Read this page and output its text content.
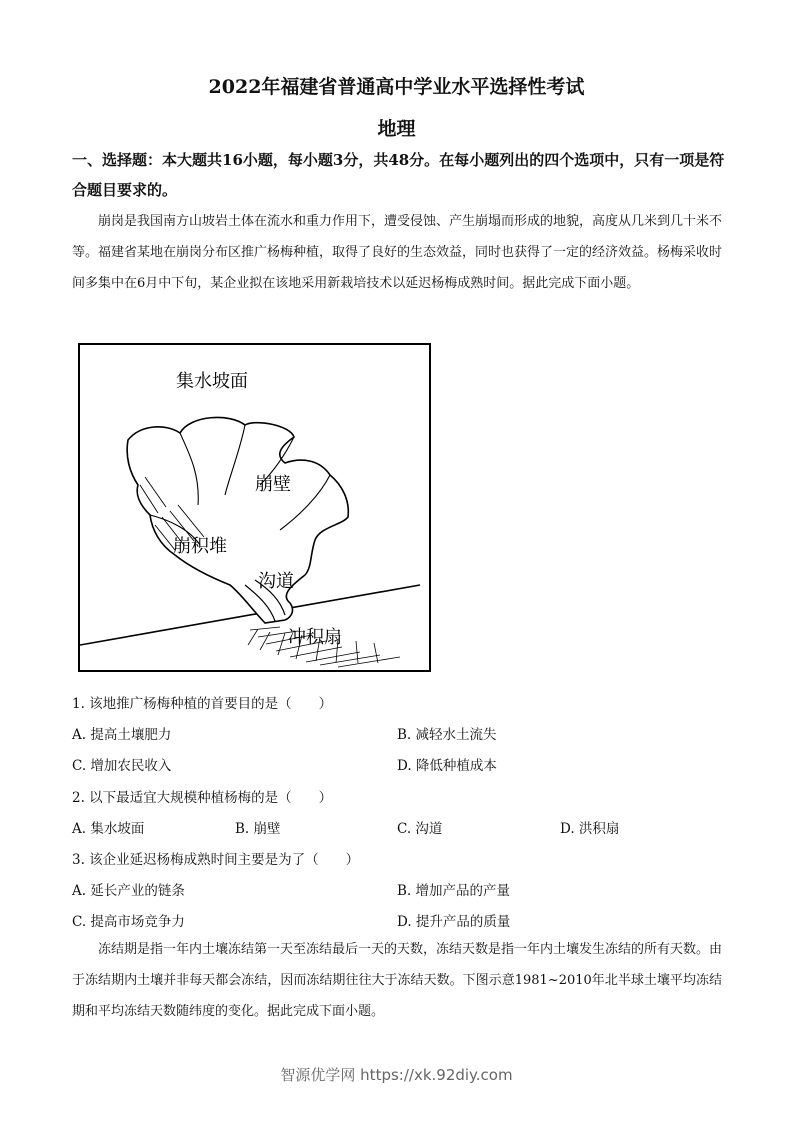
2022年福建省普通高中学业水平选择性考试
地理
一、选择题：本大题共16小题，每小题3分，共48分。在每小题列出的四个选项中，只有一项是符合题目要求的。
崩岗是我国南方山坡岩土体在流水和重力作用下，遭受侵蚀、产生崩塌而形成的地貌，高度从几米到几十米不等。福建省某地在崩岗分布区推广杨梅种植，取得了良好的生态效益，同时也获得了一定的经济效益。杨梅采收时间多集中在6月中下旬，某企业拟在该地采用新栽培技术以延迟杨梅成熟时间。据此完成下面小题。
集水坡面
崩壁
崩积堆
沟道
冲积扇
1. 该地推广杨梅种植的首要目的是（　　）
A. 提高土壤肥力	B. 减轻水土流失
C. 增加农民收入	D. 降低种植成本
2. 以下最适宜大规模种植杨梅的是（　　）
A. 集水坡面	B. 崩壁	C. 沟道	D. 洪积扇
3. 该企业延迟杨梅成熟时间主要是为了（　　）
A. 延长产业的链条	B. 增加产品的产量
C. 提高市场竞争力	D. 提升产品的质量
冻结期是指一年内土壤冻结第一天至冻结最后一天的天数，冻结天数是指一年内土壤发生冻结的所有天数。由于冻结期内土壤并非每天都会冻结，因而冻结期往往大于冻结天数。下图示意1981~2010年北半球土壤平均冻结期和平均冻结天数随纬度的变化。据此完成下面小题。
智源优学网 https://xk.92diy.com
